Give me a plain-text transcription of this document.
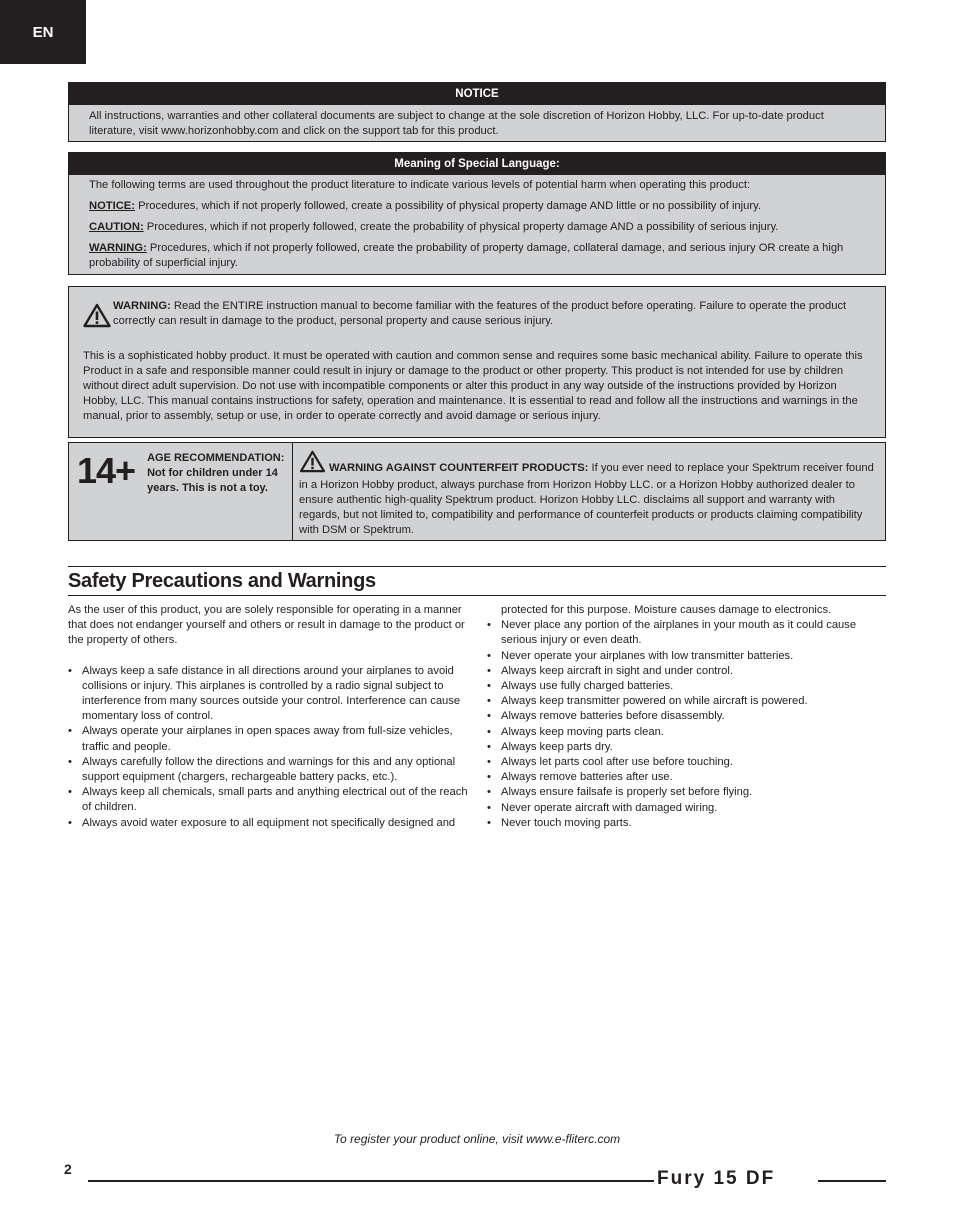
EN
NOTICE

All instructions, warranties and other collateral documents are subject to change at the sole discretion of Horizon Hobby, LLC. For up-to-date product literature, visit www.horizonhobby.com and click on the support tab for this product.

Meaning of Special Language:

The following terms are used throughout the product literature to indicate various levels of potential harm when operating this product:

NOTICE: Procedures, which if not properly followed, create a possibility of physical property damage AND little or no possibility of injury.

CAUTION: Procedures, which if not properly followed, create the probability of physical property damage AND a possibility of serious injury.

WARNING: Procedures, which if not properly followed, create the probability of property damage, collateral damage, and serious injury OR create a high probability of superficial injury.

WARNING: Read the ENTIRE instruction manual to become familiar with the features of the product before operating. Failure to operate the product correctly can result in damage to the product, personal property and cause serious injury.

This is a sophisticated hobby product. It must be operated with caution and common sense and requires some basic mechanical ability. Failure to operate this Product in a safe and responsible manner could result in injury or damage to the product or other property. This product is not intended for use by children without direct adult supervision. Do not use with incompatible components or alter this product in any way outside of the instructions provided by Horizon Hobby, LLC. This manual contains instructions for safety, operation and maintenance. It is essential to read and follow all the instructions and warnings in the manual, prior to assembly, setup or use, in order to operate correctly and avoid damage or serious injury.

14+ AGE RECOMMENDATION:
Not for children under 14 years. This is not a toy.

WARNING AGAINST COUNTERFEIT PRODUCTS: If you ever need to replace your Spektrum receiver found in a Horizon Hobby product, always purchase from Horizon Hobby LLC. or a Horizon Hobby authorized dealer to ensure authentic high-quality Spektrum product. Horizon Hobby LLC. disclaims all support and warranty with regards, but not limited to, compatibility and performance of counterfeit products or products claiming compatibility with DSM or Spektrum.

Safety Precautions and Warnings

As the user of this product, you are solely responsible for operating in a manner that does not endanger yourself and others or result in damage to the product or the property of others.

• Always keep a safe distance in all directions around your airplanes to avoid collisions or injury. This airplanes is controlled by a radio signal subject to interference from many sources outside your control. Interference can cause momentary loss of control.
• Always operate your airplanes in open spaces away from full-size vehicles, traffic and people.
• Always carefully follow the directions and warnings for this and any optional support equipment (chargers, rechargeable battery packs, etc.).
• Always keep all chemicals, small parts and anything electrical out of the reach of children.
• Always avoid water exposure to all equipment not specifically designed and

protected for this purpose. Moisture causes damage to electronics.

• Never place any portion of the airplanes in your mouth as it could cause serious injury or even death.
• Never operate your airplanes with low transmitter batteries.
• Always keep aircraft in sight and under control.
• Always use fully charged batteries.
• Always keep transmitter powered on while aircraft is powered.
• Always remove batteries before disassembly.
• Always keep moving parts clean.
• Always keep parts dry.
• Always let parts cool after use before touching.
• Always remove batteries after use.
• Always ensure failsafe is properly set before flying.
• Never operate aircraft with damaged wiring.
• Never touch moving parts.
To register your product online, visit www.e-fliterc.com
2	Fury 15 DF
